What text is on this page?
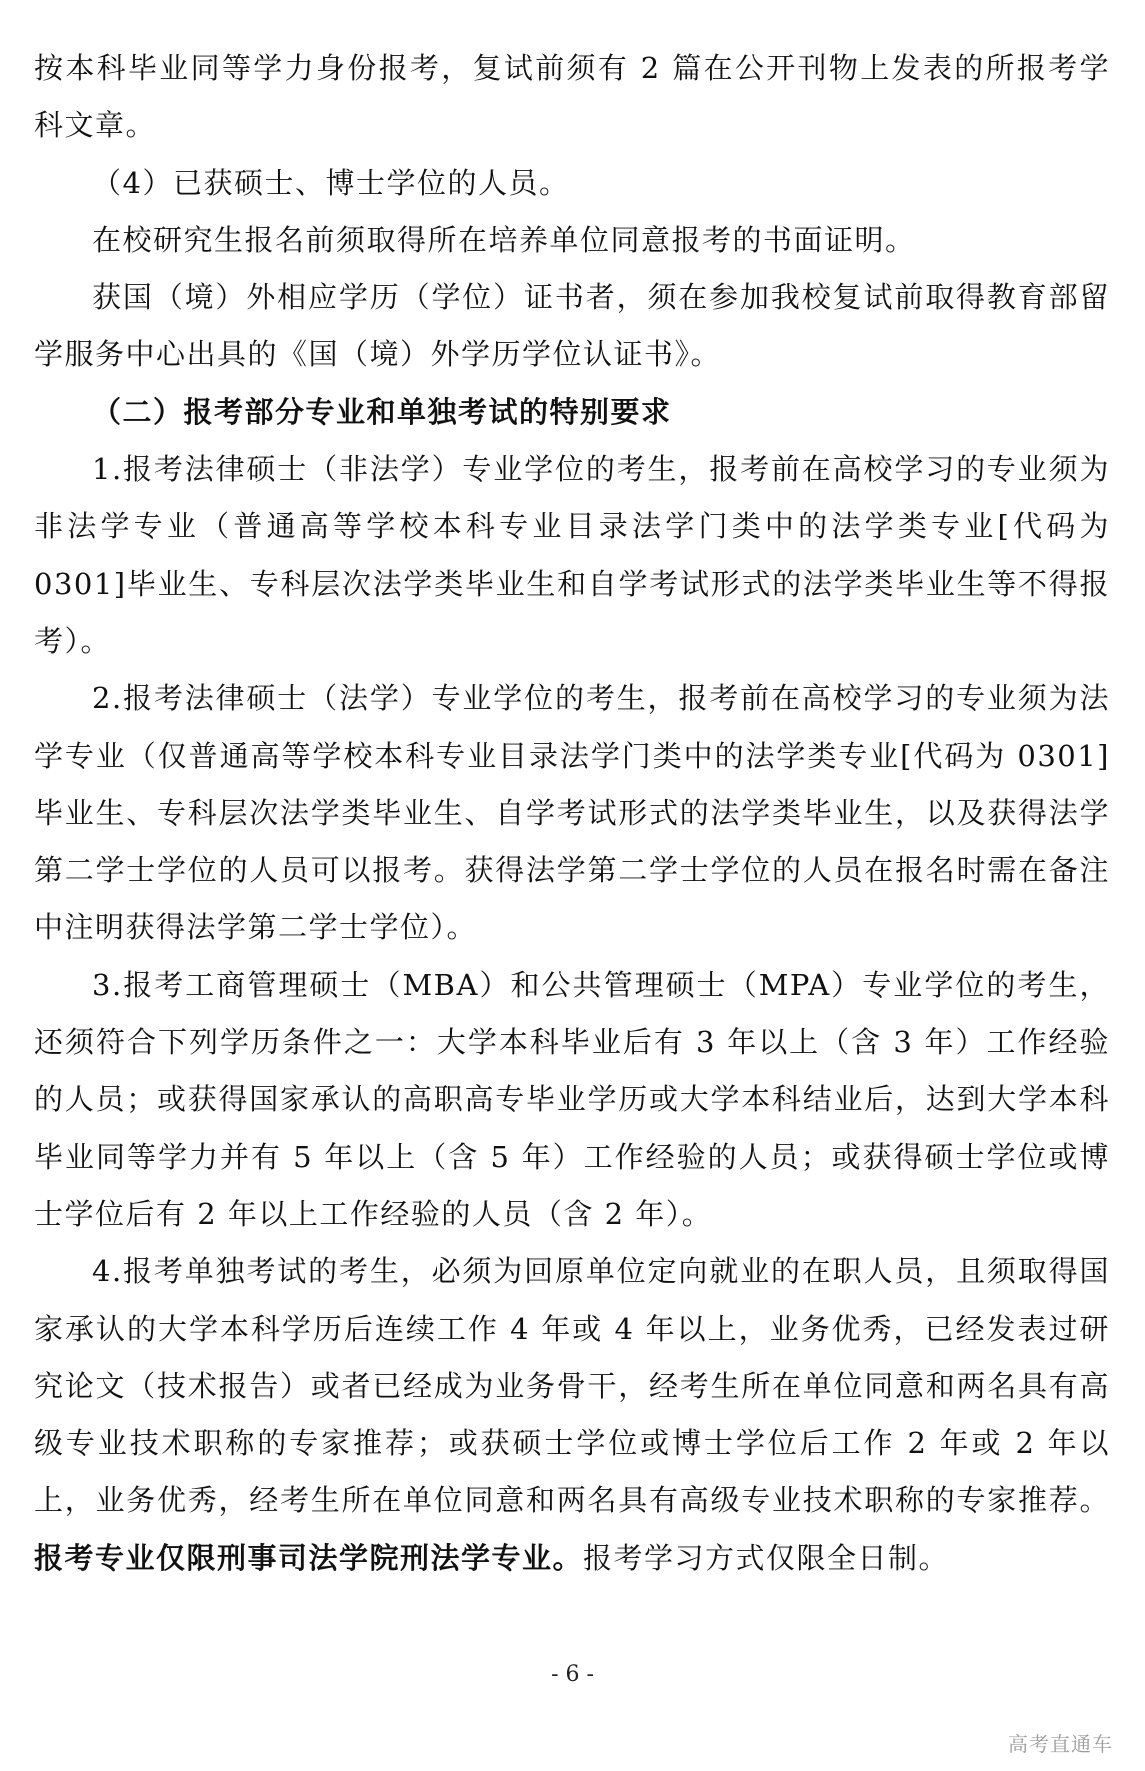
按本科毕业同等学力身份报考，复试前须有 2 篇在公开刊物上发表的所报考学科文章。

（4）已获硕士、博士学位的人员。

在校研究生报名前须取得所在培养单位同意报考的书面证明。

获国（境）外相应学历（学位）证书者，须在参加我校复试前取得教育部留学服务中心出具的《国（境）外学历学位认证书》。

（二）报考部分专业和单独考试的特别要求

1.报考法律硕士（非法学）专业学位的考生，报考前在高校学习的专业须为非法学专业（普通高等学校本科专业目录法学门类中的法学类专业[代码为 0301]毕业生、专科层次法学类毕业生和自学考试形式的法学类毕业生等不得报考）。

2.报考法律硕士（法学）专业学位的考生，报考前在高校学习的专业须为法学专业（仅普通高等学校本科专业目录法学门类中的法学类专业[代码为 0301]毕业生、专科层次法学类毕业生、自学考试形式的法学类毕业生，以及获得法学第二学士学位的人员可以报考。获得法学第二学士学位的人员在报名时需在备注中注明获得法学第二学士学位）。

3.报考工商管理硕士（MBA）和公共管理硕士（MPA）专业学位的考生，还须符合下列学历条件之一：大学本科毕业后有 3 年以上（含 3 年）工作经验的人员；或获得国家承认的高职高专毕业学历或大学本科结业后，达到大学本科毕业同等学力并有 5 年以上（含 5 年）工作经验的人员；或获得硕士学位或博士学位后有 2 年以上工作经验的人员（含 2 年）。

4.报考单独考试的考生，必须为回原单位定向就业的在职人员，且须取得国家承认的大学本科学历后连续工作 4 年或 4 年以上，业务优秀，已经发表过研究论文（技术报告）或者已经成为业务骨干，经考生所在单位同意和两名具有高级专业技术职称的专家推荐；或获硕士学位或博士学位后工作 2 年或 2 年以上，业务优秀，经考生所在单位同意和两名具有高级专业技术职称的专家推荐。报考专业仅限刑事司法学院刑法学专业。报考学习方式仅限全日制。

- 6 -
高考直通车
